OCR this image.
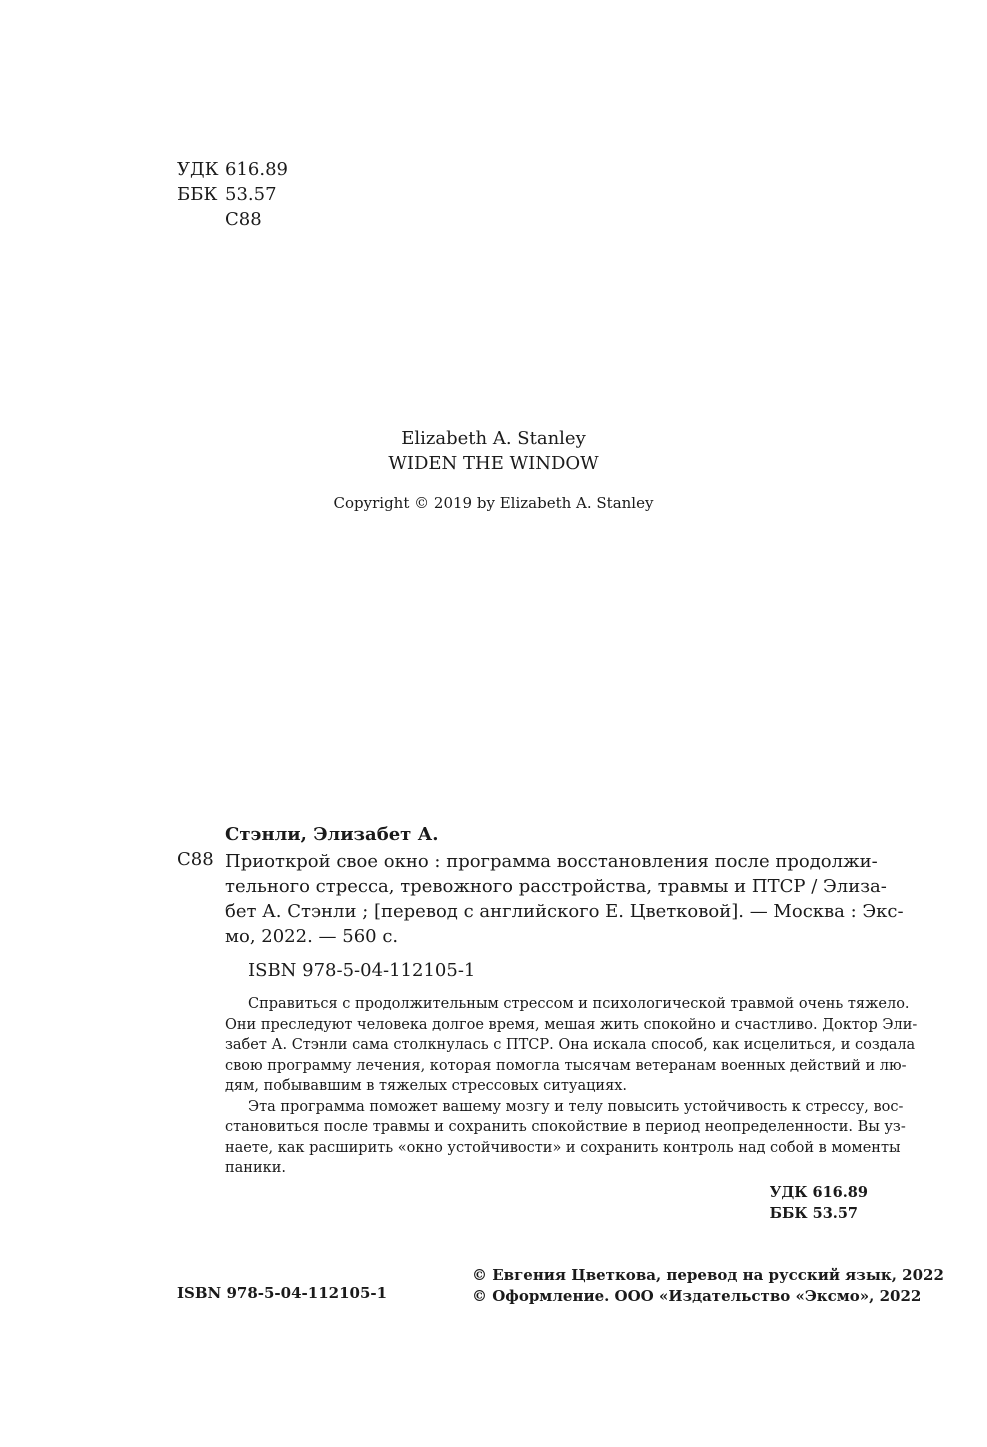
УДК 616.89
ББК 53.57
С88
Elizabeth A. Stanley
WIDEN THE WINDOW
Copyright © 2019 by Elizabeth A. Stanley
Стэнли, Элизабет А.
С88 Приоткрой свое окно : программа восстановления после продолжи-
тельного стресса, тревожного расстройства, травмы и ПТСР / Элиза-
бет А. Стэнли ; [перевод с английского Е. Цветковой]. — Москва : Экс-
мо, 2022. — 560 с.
ISBN 978-5-04-112105-1

Справиться с продолжительным стрессом и психологической травмой очень тяжело.
Они преследуют человека долгое время, мешая жить спокойно и счастливо. Доктор Эли-
забет А. Стэнли сама столкнулась с ПТСР. Она искала способ, как исцелиться, и создала
свою программу лечения, которая помогла тысячам ветеранам военных действий и лю-
дям, побывавшим в тяжелых стрессовых ситуациях.

Эта программа поможет вашему мозгу и телу повысить устойчивость к стрессу, вос-
становиться после травмы и сохранить спокойствие в период неопределенности. Вы уз-
наете, как расширить «окно устойчивости» и сохранить контроль над собой в моменты
паники.

УДК 616.89
ББК 53.57
ISBN 978-5-04-112105-1
© Евгения Цветкова, перевод на русский язык, 2022
© Оформление. ООО «Издательство «Эксмо», 2022
